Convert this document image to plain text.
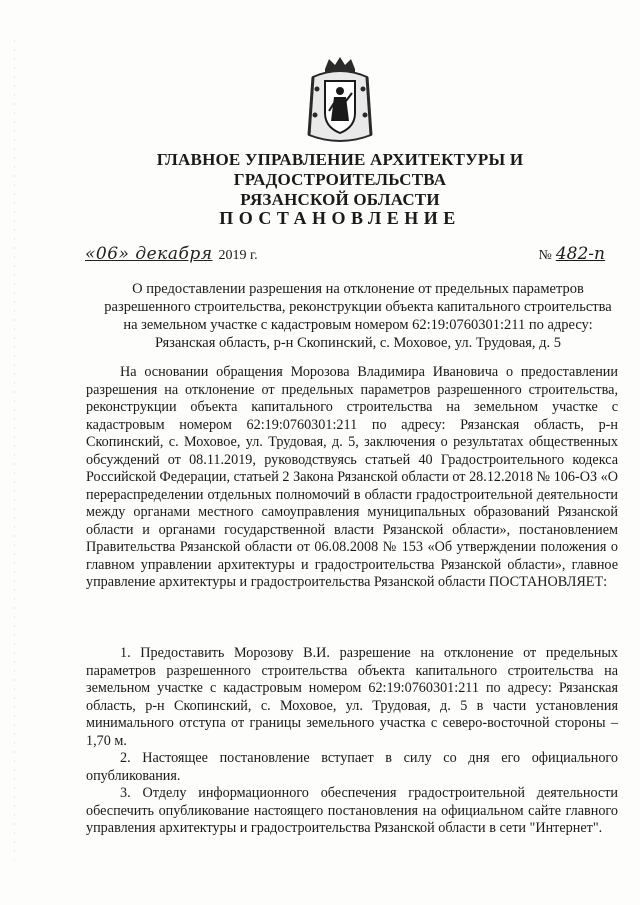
ГЛАВНОЕ УПРАВЛЕНИЕ АРХИТЕКТУРЫ И ГРАДОСТРОИТЕЛЬСТВА
РЯЗАНСКОЙ ОБЛАСТИ
ПОСТАНОВЛЕНИЕ
«06» декабря 2019 г.	№ 482-п
О предоставлении разрешения на отклонение от предельных параметров
разрешенного строительства, реконструкции объекта капитального строительства
на земельном участке с кадастровым номером 62:19:0760301:211 по адресу:
Рязанская область, р-н Скопинский, с. Моховое, ул. Трудовая, д. 5

На основании обращения Морозова Владимира Ивановича о предоставлении разрешения на отклонение от предельных параметров разрешенного строительства, реконструкции объекта капитального строительства на земельном участке с кадастровым номером 62:19:0760301:211 по адресу: Рязанская область, р-н Скопинский, с. Моховое, ул. Трудовая, д. 5, заключения о результатах общественных обсуждений от 08.11.2019, руководствуясь статьей 40 Градостроительного кодекса Российской Федерации, статьей 2 Закона Рязанской области от 28.12.2018 № 106-ОЗ «О перераспределении отдельных полномочий в области градостроительной деятельности между органами местного самоуправления муниципальных образований Рязанской области и органами государственной власти Рязанской области», постановлением Правительства Рязанской области от 06.08.2008 № 153 «Об утверждении положения о главном управлении архитектуры и градостроительства Рязанской области», главное управление архитектуры и градостроительства Рязанской области ПОСТАНОВЛЯЕТ:

1. Предоставить Морозову В.И. разрешение на отклонение от предельных параметров разрешенного строительства объекта капитального строительства на земельном участке с кадастровым номером 62:19:0760301:211 по адресу: Рязанская область, р-н Скопинский, с. Моховое, ул. Трудовая, д. 5 в части установления минимального отступа от границы земельного участка с северо-восточной стороны – 1,70 м.

2. Настоящее постановление вступает в силу со дня его официального опубликования.

3. Отделу информационного обеспечения градостроительной деятельности обеспечить опубликование настоящего постановления на официальном сайте главного управления архитектуры и градостроительства Рязанской области в сети "Интернет".
